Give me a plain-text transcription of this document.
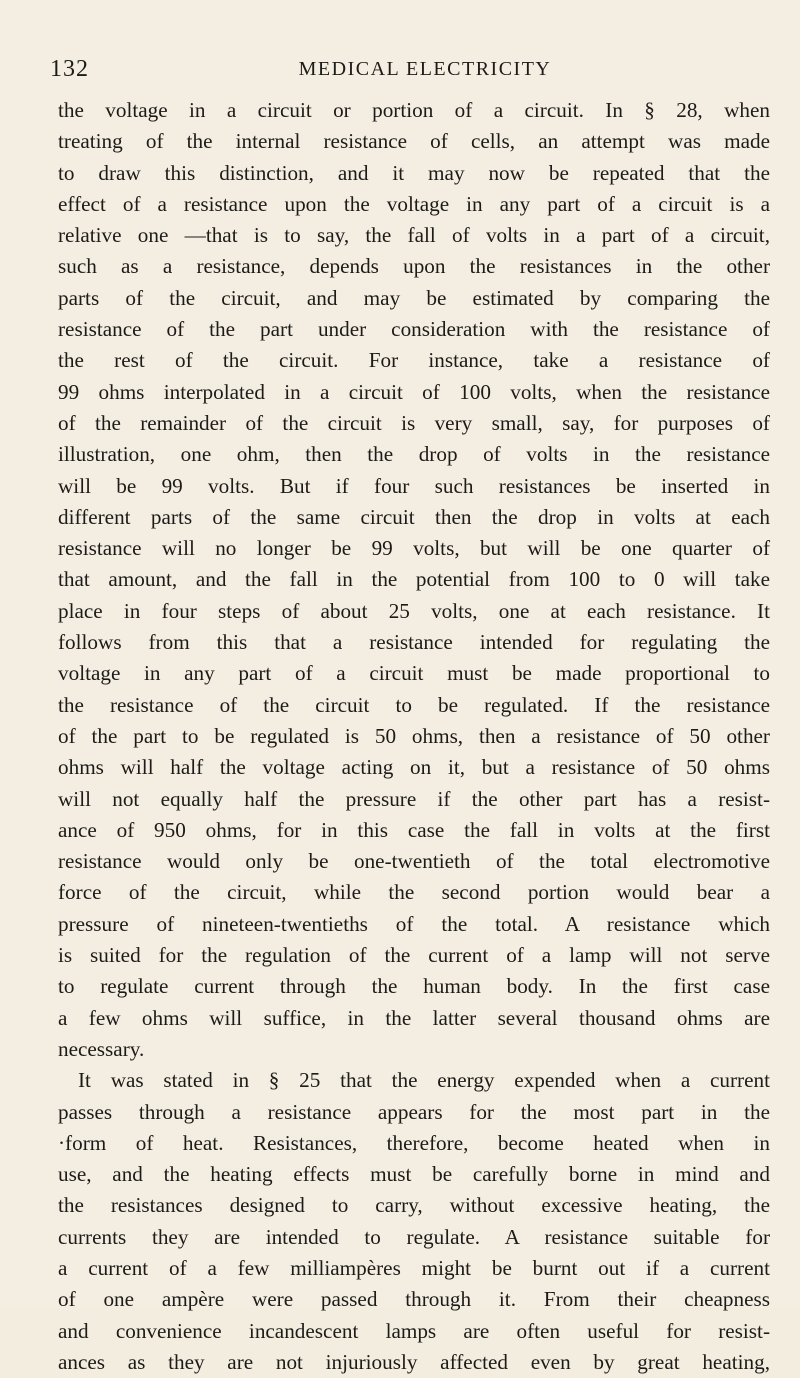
132	MEDICAL ELECTRICITY
the voltage in a circuit or portion of a circuit. In § 28, when
treating of the internal resistance of cells, an attempt was made
to draw this distinction, and it may now be repeated that the
effect of a resistance upon the voltage in any part of a circuit is a
relative one —that is to say, the fall of volts in a part of a circuit,
such as a resistance, depends upon the resistances in the other
parts of the circuit, and may be estimated by comparing the
resistance of the part under consideration with the resistance of
the rest of the circuit. For instance, take a resistance of
99 ohms interpolated in a circuit of 100 volts, when the resistance
of the remainder of the circuit is very small, say, for purposes of
illustration, one ohm, then the drop of volts in the resistance
will be 99 volts. But if four such resistances be inserted in
different parts of the same circuit then the drop in volts at each
resistance will no longer be 99 volts, but will be one quarter of
that amount, and the fall in the potential from 100 to 0 will take
place in four steps of about 25 volts, one at each resistance. It
follows from this that a resistance intended for regulating the
voltage in any part of a circuit must be made proportional to
the resistance of the circuit to be regulated. If the resistance
of the part to be regulated is 50 ohms, then a resistance of 50 other
ohms will half the voltage acting on it, but a resistance of 50 ohms
will not equally half the pressure if the other part has a resist-
ance of 950 ohms, for in this case the fall in volts at the first
resistance would only be one-twentieth of the total electromotive
force of the circuit, while the second portion would bear a
pressure of nineteen-twentieths of the total. A resistance which
is suited for the regulation of the current of a lamp will not serve
to regulate current through the human body. In the first case
a few ohms will suffice, in the latter several thousand ohms are
necessary.
It was stated in § 25 that the energy expended when a current
passes through a resistance appears for the most part in the
·form of heat. Resistances, therefore, become heated when in
use, and the heating effects must be carefully borne in mind and
the resistances designed to carry, without excessive heating, the
currents they are intended to regulate. A resistance suitable for
a current of a few milliampères might be burnt out if a current
of one ampère were passed through it. From their cheapness
and convenience incandescent lamps are often useful for resist-
ances as they are not injuriously affected even by great heating,
